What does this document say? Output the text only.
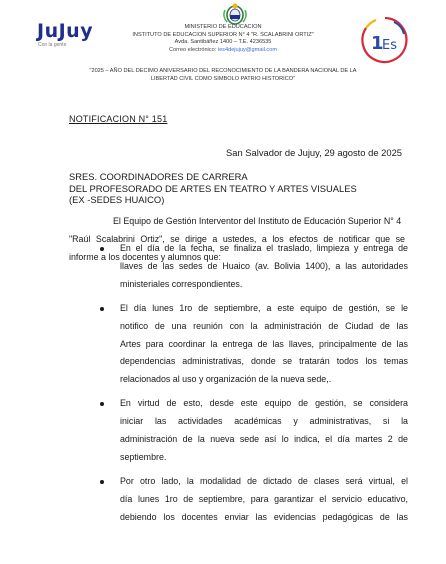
JuJuy
Con la gente
MINISTERIO DE EDUCACION
INSTITUTO DE EDUCACION SUPERIOR N° 4 "R. SCALABRINI ORTIZ"
Avda. Santibáñez 1400 – T.E. 4236535
Correo electrónico: ies4dejujuy@gmail.com	1
Es
"2025 – AÑO DEL DECIMO ANIVERSARIO DEL RECONOCIMIENTO DE LA BANDERA NACIONAL DE LA
LIBERTAD CIVIL COMO SIMBOLO PATRIO HISTORICO"
NOTIFICACION N° 151
San Salvador de Jujuy, 29 agosto de 2025
SRES. COORDINADORES DE CARRERA
DEL PROFESORADO DE ARTES EN TEATRO Y ARTES VISUALES
(EX -SEDES HUAICO)
El Equipo de Gestión Interventor del Instituto de Educación Superior N° 4
"Raúl Scalabrini Ortiz", se dirige a ustedes, a los efectos de notificar que se
informe a los docentes y alumnos que:
En el día de la fecha, se finaliza el traslado, limpieza y entrega de
llaves de las sedes de Huaico (av. Bolivia 1400), a las autoridades
ministeriales correspondientes.
El día lunes 1ro de septiembre, a este equipo de gestión, se le
notifico de una reunión con la administración de Ciudad de las
Artes para coordinar la entrega de las llaves, principalmente de las
dependencias administrativas, donde se tratarán todos los temas
relacionados al uso y organización de la nueva sede,.
En virtud de esto, desde este equipo de gestión, se considera
iniciar las actividades académicas y administrativas, si la
administración de la nueva sede así lo indica, el día martes 2 de
septiembre.
Por otro lado, la modalidad de dictado de clases será virtual, el
día lunes 1ro de septiembre, para garantizar el servicio educativo,
debiendo los docentes enviar las evidencias pedagógicas de las
